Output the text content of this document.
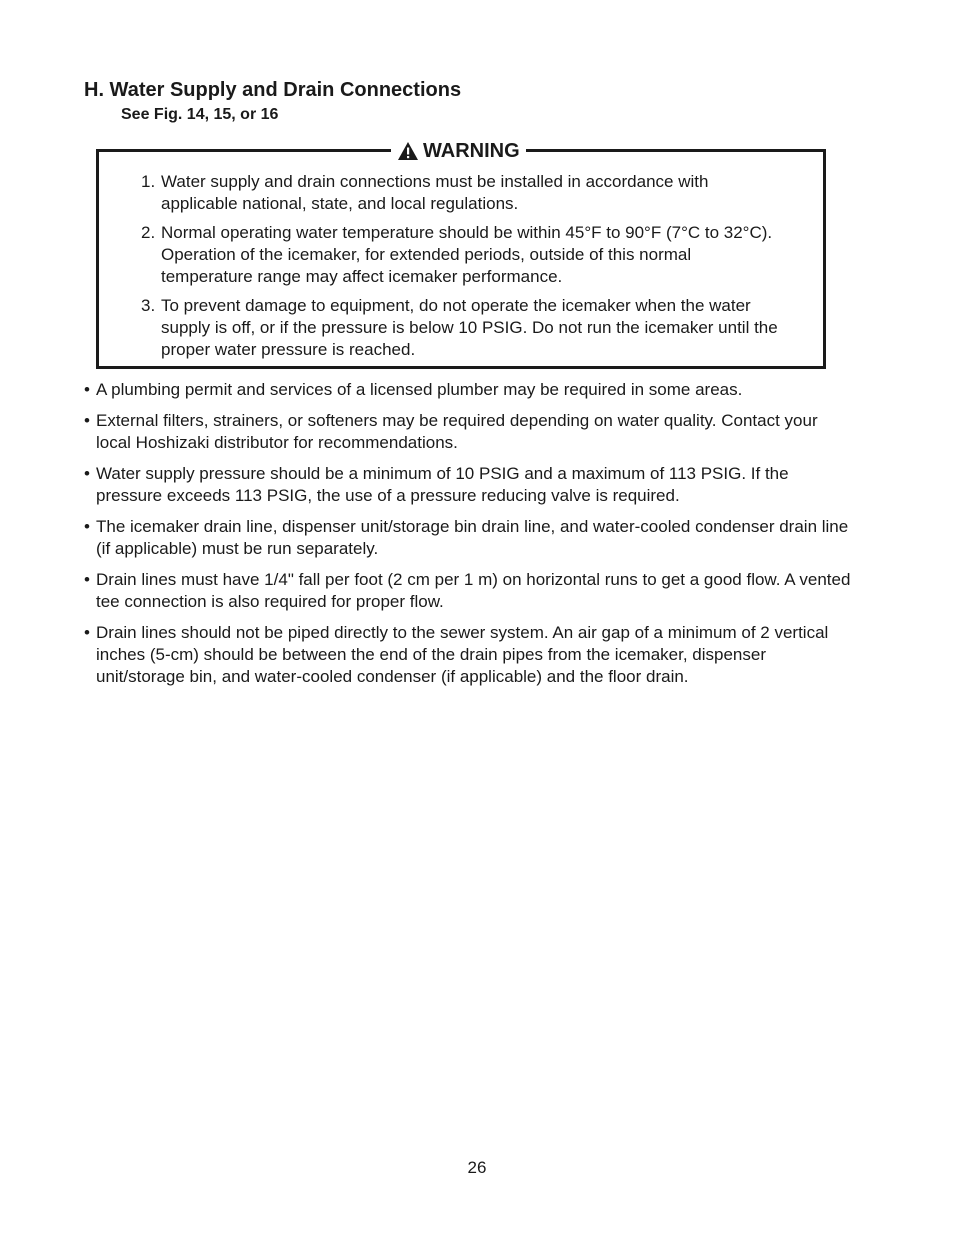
H. Water Supply and Drain Connections
See Fig. 14, 15, or 16
WARNING
1. Water supply and drain connections must be installed in accordance with applicable national, state, and local regulations.
2. Normal operating water temperature should be within 45°F to 90°F (7°C to 32°C). Operation of the icemaker, for extended periods, outside of this normal temperature range may affect icemaker performance.
3. To prevent damage to equipment, do not operate the icemaker when the water supply is off, or if the pressure is below 10 PSIG. Do not run the icemaker until the proper water pressure is reached.
• A plumbing permit and services of a licensed plumber may be required in some areas.
• External filters, strainers, or softeners may be required depending on water quality. Contact your local Hoshizaki distributor for recommendations.
• Water supply pressure should be a minimum of 10 PSIG and a maximum of 113 PSIG. If the pressure exceeds 113 PSIG, the use of a pressure reducing valve is required.
• The icemaker drain line, dispenser unit/storage bin drain line, and water-cooled condenser drain line (if applicable) must be run separately.
• Drain lines must have 1/4" fall per foot (2 cm per 1 m) on horizontal runs to get a good flow. A vented tee connection is also required for proper flow.
• Drain lines should not be piped directly to the sewer system. An air gap of a minimum of 2 vertical inches (5-cm) should be between the end of the drain pipes from the icemaker, dispenser unit/storage bin, and water-cooled condenser (if applicable) and the floor drain.
26
